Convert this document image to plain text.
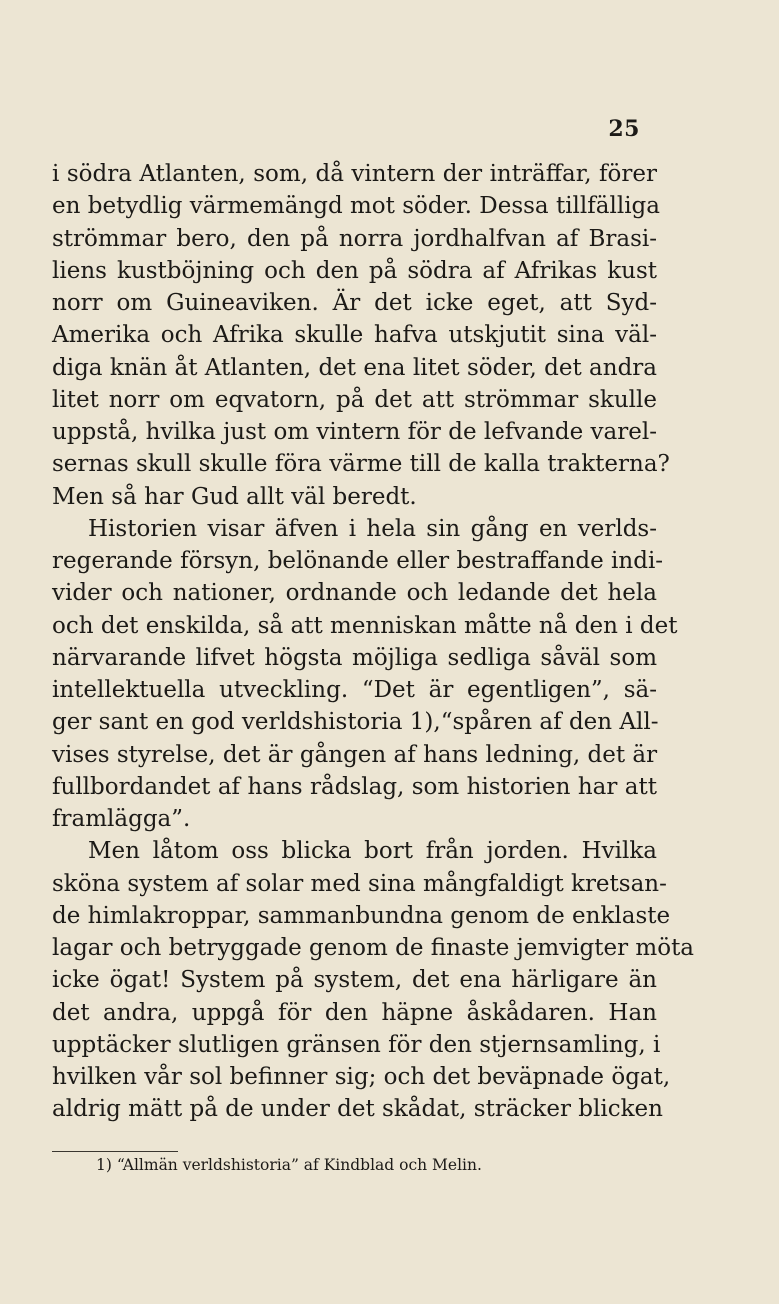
25
i södra Atlanten, som, då vintern der inträffar, förer
en betydlig värmemängd mot söder. Dessa tillfälliga
strömmar bero, den på norra jordhalfvan af Brasi-
liens kustböjning och den på södra af Afrikas kust
norr om Guineaviken. Är det icke eget, att Syd-
Amerika och Afrika skulle hafva utskjutit sina väl-
diga knän åt Atlanten, det ena litet söder, det andra
litet norr om eqvatorn, på det att strömmar skulle
uppstå, hvilka just om vintern för de lefvande varel-
sernas skull skulle föra värme till de kalla trakterna?
Men så har Gud allt väl beredt.
Historien visar äfven i hela sin gång en verlds-
regerande försyn, belönande eller bestraffande indi-
vider och nationer, ordnande och ledande det hela
och det enskilda, så att menniskan måtte nå den i det
närvarande lifvet högsta möjliga sedliga såväl som
intellektuella utveckling. “Det är egentligen”, sä-
ger sant en god verldshistoria 1),“spåren af den All-
vises styrelse, det är gången af hans ledning, det är
fullbordandet af hans rådslag, som historien har att
framlägga”.
Men låtom oss blicka bort från jorden. Hvilka
sköna system af solar med sina mångfaldigt kretsan-
de himlakroppar, sammanbundna genom de enklaste
lagar och betryggade genom de finaste jemvigter möta
icke ögat! System på system, det ena härligare än
det andra, uppgå för den häpne åskådaren. Han
upptäcker slutligen gränsen för den stjernsamling, i
hvilken vår sol befinner sig; och det beväpnade ögat,
aldrig mätt på de under det skådat, sträcker blicken
1) “Allmän verldshistoria” af Kindblad och Melin.
